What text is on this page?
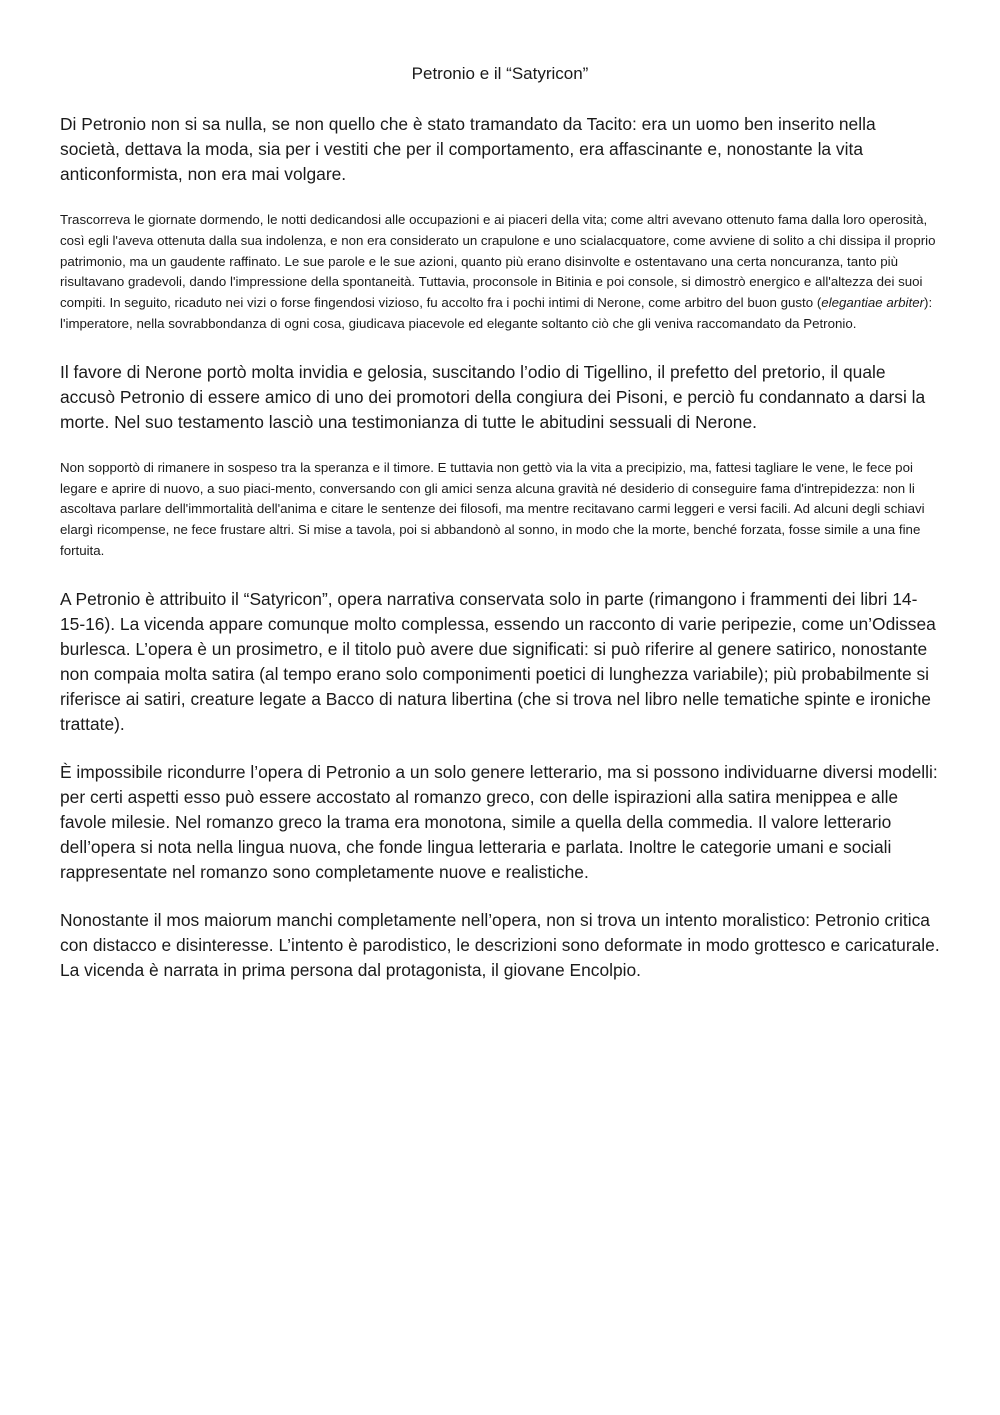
Petronio e il “Satyricon”

Di Petronio non si sa nulla, se non quello che è stato tramandato da Tacito: era un uomo ben inserito nella società, dettava la moda, sia per i vestiti che per il comportamento, era affascinante e, nonostante la vita anticonformista, non era mai volgare.

Trascorreva le giornate dormendo, le notti dedicandosi alle occupazioni e ai piaceri della vita; come altri avevano ottenuto fama dalla loro operosità, così egli l'aveva ottenuta dalla sua indolenza, e non era considerato un crapulone e uno scialacquatore, come avviene di solito a chi dissipa il proprio patrimonio, ma un gaudente raffinato. Le sue parole e le sue azioni, quanto più erano disinvolte e ostentavano una certa noncuranza, tanto più risultavano gradevoli, dando l'impressione della spontaneità. Tuttavia, proconsole in Bitinia e poi console, si dimostrò energico e all'altezza dei suoi compiti. In seguito, ricaduto nei vizi o forse fingendosi vizioso, fu accolto fra i pochi intimi di Nerone, come arbitro del buon gusto (elegantiae arbiter): l'imperatore, nella sovrabbondanza di ogni cosa, giudicava piacevole ed elegante soltanto ciò che gli veniva raccomandato da Petronio.

Il favore di Nerone portò molta invidia e gelosia, suscitando l’odio di Tigellino, il prefetto del pretorio, il quale accusò Petronio di essere amico di uno dei promotori della congiura dei Pisoni, e perciò fu condannato a darsi la morte. Nel suo testamento lasciò una testimonianza di tutte le abitudini sessuali di Nerone.

Non sopportò di rimanere in sospeso tra la speranza e il timore. E tuttavia non gettò via la vita a precipizio, ma, fattesi tagliare le vene, le fece poi legare e aprire di nuovo, a suo piaci-mento, conversando con gli amici senza alcuna gravità né desiderio di conseguire fama d'intrepidezza: non li ascoltava parlare dell'immortalità dell'anima e citare le sentenze dei filosofi, ma mentre recitavano carmi leggeri e versi facili. Ad alcuni degli schiavi elargì ricompense, ne fece frustare altri. Si mise a tavola, poi si abbandonò al sonno, in modo che la morte, benché forzata, fosse simile a una fine fortuita.

A Petronio è attribuito il “Satyricon”, opera narrativa conservata solo in parte (rimangono i frammenti dei libri 14-15-16). La vicenda appare comunque molto complessa, essendo un racconto di varie peripezie, come un’Odissea burlesca. L’opera è un prosimetro, e il titolo può avere due significati: si può riferire al genere satirico, nonostante non compaia molta satira (al tempo erano solo componimenti poetici di lunghezza variabile); più probabilmente si riferisce ai satiri, creature legate a Bacco di natura libertina (che si trova nel libro nelle tematiche spinte e ironiche trattate).

È impossibile ricondurre l’opera di Petronio a un solo genere letterario, ma si possono individuarne diversi modelli: per certi aspetti esso può essere accostato al romanzo greco, con delle ispirazioni alla satira menippea e alle favole milesie. Nel romanzo greco la trama era monotona, simile a quella della commedia. Il valore letterario dell’opera si nota nella lingua nuova, che fonde lingua letteraria e parlata. Inoltre le categorie umani e sociali rappresentate nel romanzo sono completamente nuove e realistiche.

Nonostante il mos maiorum manchi completamente nell’opera, non si trova un intento moralistico: Petronio critica con distacco e disinteresse. L’intento è parodistico, le descrizioni sono deformate in modo grottesco e caricaturale. La vicenda è narrata in prima persona dal protagonista, il giovane Encolpio.
